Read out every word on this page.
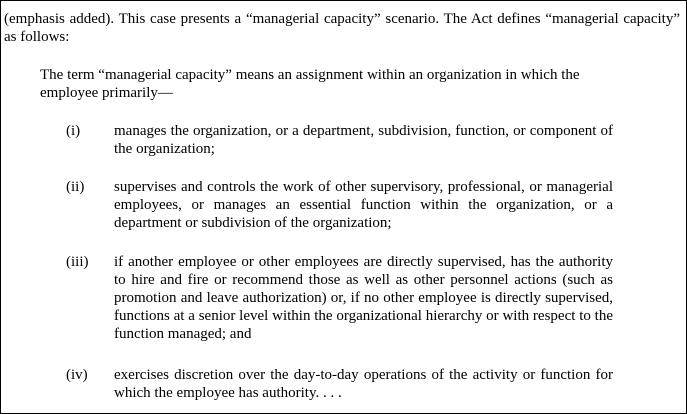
(emphasis added). This case presents a “managerial capacity” scenario. The Act defines “managerial capacity” as follows:
The term “managerial capacity” means an assignment within an organization in which the employee primarily—
(i) manages the organization, or a department, subdivision, function, or component of the organization;
(ii) supervises and controls the work of other supervisory, professional, or managerial employees, or manages an essential function within the organization, or a department or subdivision of the organization;
(iii) if another employee or other employees are directly supervised, has the authority to hire and fire or recommend those as well as other personnel actions (such as promotion and leave authorization) or, if no other employee is directly supervised, functions at a senior level within the organizational hierarchy or with respect to the function managed; and
(iv) exercises discretion over the day-to-day operations of the activity or function for which the employee has authority. . . .
